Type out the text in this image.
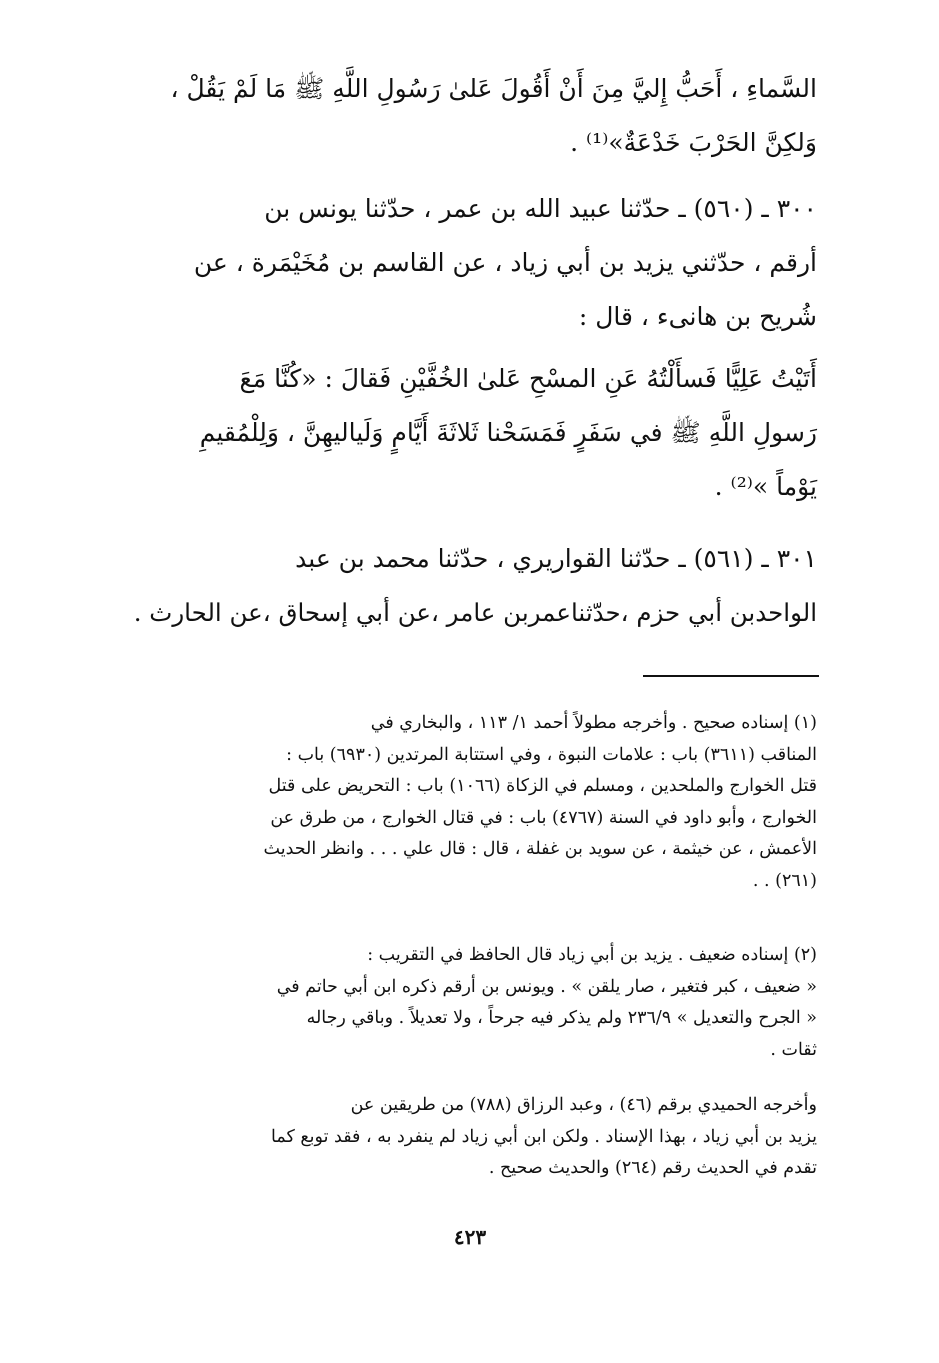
السَّماءِ ، أَحَبُّ إِليَّ مِنَ أَنْ أَقُولَ عَلىٰ رَسُولِ اللَّهِ ﷺ مَا لَمْ يَقُلْ ،
وَلكِنَّ الحَرْبَ خَدْعَةٌ»⁽¹⁾ .
٣٠٠ ـ (٥٦٠) ـ حدّثنا عبيد الله بن عمر ، حدّثنا يونس بن
أرقم ، حدّثني يزيد بن أبي زياد ، عن القاسم بن مُخَيْمَرة ، عن
شُريح بن هانىء ، قال :
أَتَيْتُ عَلِيًّا فَسأَلْتُهُ عَنِ المسْحِ عَلىٰ الخُفَّيْنِ فَقالَ : «كُنَّا مَعَ
رَسولِ اللَّهِ ﷺ في سَفَرٍ فَمَسَحْنا ثَلاثَةَ أَيَّامٍ وَلَياليهِنَّ ، وَلِلْمُقيمِ
يَوْماً »⁽²⁾ .
٣٠١ ـ (٥٦١) ـ حدّثنا القواريري ، حدّثنا محمد بن عبد
الواحدبن أبي حزم ،حدّثناعمربن عامر ،عن أبي إسحاق ،عن الحارث .
(١) إسناده صحيح . وأخرجه مطولاً أحمد ١/ ١١٣ ، والبخاري في
المناقب (٣٦١١) باب : علامات النبوة ، وفي استتابة المرتدين (٦٩٣٠) باب :
قتل الخوارج والملحدين ، ومسلم في الزكاة (١٠٦٦) باب : التحريض على قتل
الخوارج ، وأبو داود في السنة (٤٧٦٧) باب : في قتال الخوارج ، من طرق عن
الأعمش ، عن خيثمة ، عن سويد بن غفلة ، قال : قال علي . . . وانظر الحديث
(٢٦١) . .
(٢) إسناده ضعيف . يزيد بن أبي زياد قال الحافظ في التقريب :
« ضعيف ، كبر فتغير ، صار يلقن » . ويونس بن أرقم ذكره ابن أبي حاتم في
« الجرح والتعديل » ٢٣٦/٩ ولم يذكر فيه جرحاً ، ولا تعديلاً . وباقي رجاله
ثقات .
وأخرجه الحميدي برقم (٤٦) ، وعبد الرزاق (٧٨٨) من طريقين عن
يزيد بن أبي زياد ، بهذا الإسناد . ولكن ابن أبي زياد لم ينفرد به ، فقد توبع كما
تقدم في الحديث رقم (٢٦٤) والحديث صحيح .
٤٢٣
